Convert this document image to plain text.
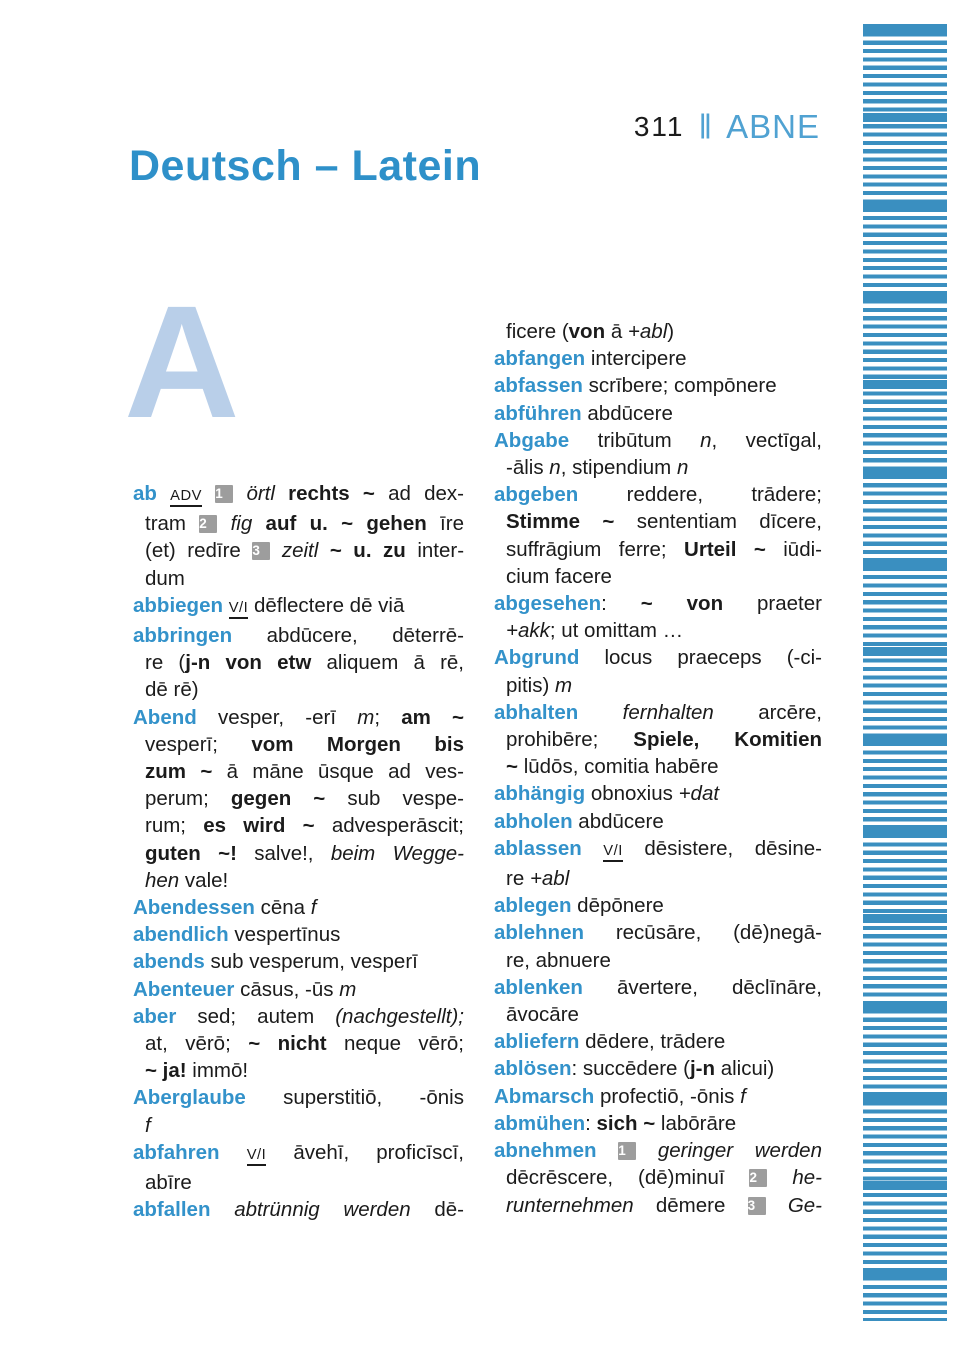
311 ‖ ABNE
Deutsch – Latein
A
ab ADV 1 örtl rechts ~ ad dex-
tram 2 fig auf u. ~ gehen īre
(et) redīre 3 zeitl ~ u. zu inter-
dum
abbiegen V/I dēflectere dē viā
abbringen abdūcere, dēterrē-
re (j-n von etw aliquem ā rē,
dē rē)
Abend vesper, -erī m; am ~
vesperī; vom Morgen bis
zum ~ ā māne ūsque ad ves-
perum; gegen ~ sub vespe-
rum; es wird ~ advesperāscit;
guten ~! salve!, beim Wegge-
hen vale!
Abendessen cēna f
abendlich vespertīnus
abends sub vesperum, vesperī
Abenteuer cāsus, -ūs m
aber sed; autem (nachgestellt);
at, vērō; ~ nicht neque vērō;
~ ja! immō!
Aberglaube superstitiō, -ōnis
f
abfahren V/I āvehī, proficīscī,
abīre
abfallen abtrünnig werden dē-
ficere (von ā +abl)
abfangen intercipere
abfassen scrībere; compōnere
abführen abdūcere
Abgabe tribūtum n, vectīgal,
-ālis n, stipendium n
abgeben reddere, trādere;
Stimme ~ sententiam dīcere,
suffrāgium ferre; Urteil ~ iūdi-
cium facere
abgesehen: ~ von praeter
+akk; ut omittam …
Abgrund locus praeceps (-ci-
pitis) m
abhalten fernhalten arcēre,
prohibēre; Spiele, Komitien
~ lūdōs, comitia habēre
abhängig obnoxius +dat
abholen abdūcere
ablassen V/I dēsistere, dēsine-
re +abl
ablegen dēpōnere
ablehnen recūsāre, (dē)negā-
re, abnuere
ablenken āvertere, dēclīnāre,
āvocāre
abliefern dēdere, trādere
ablösen: succēdere (j-n alicui)
Abmarsch profectiō, -ōnis f
abmühen: sich ~ labōrāre
abnehmen 1 geringer werden
dēcrēscere, (dē)minuī 2 he-
runternehmen dēmere 3 Ge-
